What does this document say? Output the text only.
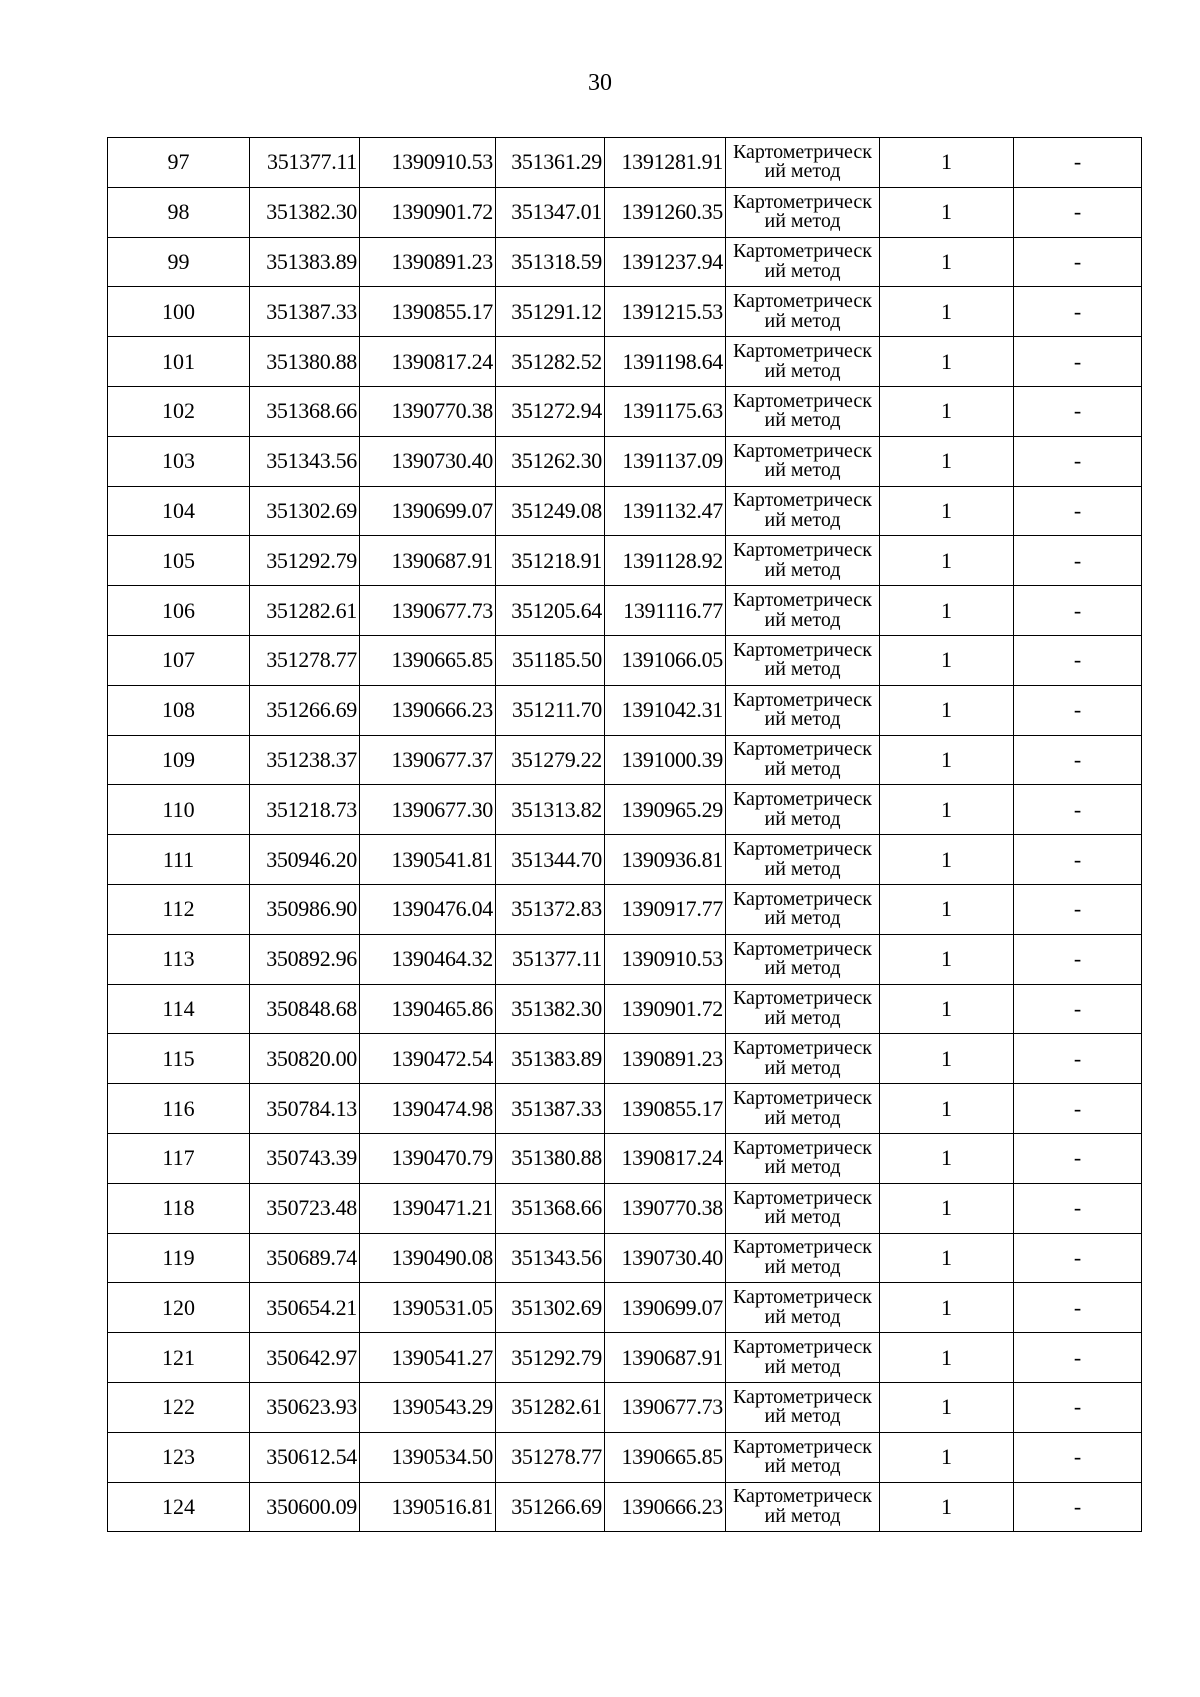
30
97	351377.11	1390910.53	351361.29	1391281.91	Картометрический метод	1	-
98	351382.30	1390901.72	351347.01	1391260.35	Картометрический метод	1	-
99	351383.89	1390891.23	351318.59	1391237.94	Картометрический метод	1	-
100	351387.33	1390855.17	351291.12	1391215.53	Картометрический метод	1	-
101	351380.88	1390817.24	351282.52	1391198.64	Картометрический метод	1	-
102	351368.66	1390770.38	351272.94	1391175.63	Картометрический метод	1	-
103	351343.56	1390730.40	351262.30	1391137.09	Картометрический метод	1	-
104	351302.69	1390699.07	351249.08	1391132.47	Картометрический метод	1	-
105	351292.79	1390687.91	351218.91	1391128.92	Картометрический метод	1	-
106	351282.61	1390677.73	351205.64	1391116.77	Картометрический метод	1	-
107	351278.77	1390665.85	351185.50	1391066.05	Картометрический метод	1	-
108	351266.69	1390666.23	351211.70	1391042.31	Картометрический метод	1	-
109	351238.37	1390677.37	351279.22	1391000.39	Картометрический метод	1	-
110	351218.73	1390677.30	351313.82	1390965.29	Картометрический метод	1	-
111	350946.20	1390541.81	351344.70	1390936.81	Картометрический метод	1	-
112	350986.90	1390476.04	351372.83	1390917.77	Картометрический метод	1	-
113	350892.96	1390464.32	351377.11	1390910.53	Картометрический метод	1	-
114	350848.68	1390465.86	351382.30	1390901.72	Картометрический метод	1	-
115	350820.00	1390472.54	351383.89	1390891.23	Картометрический метод	1	-
116	350784.13	1390474.98	351387.33	1390855.17	Картометрический метод	1	-
117	350743.39	1390470.79	351380.88	1390817.24	Картометрический метод	1	-
118	350723.48	1390471.21	351368.66	1390770.38	Картометрический метод	1	-
119	350689.74	1390490.08	351343.56	1390730.40	Картометрический метод	1	-
120	350654.21	1390531.05	351302.69	1390699.07	Картометрический метод	1	-
121	350642.97	1390541.27	351292.79	1390687.91	Картометрический метод	1	-
122	350623.93	1390543.29	351282.61	1390677.73	Картометрический метод	1	-
123	350612.54	1390534.50	351278.77	1390665.85	Картометрический метод	1	-
124	350600.09	1390516.81	351266.69	1390666.23	Картометрический метод	1	-
